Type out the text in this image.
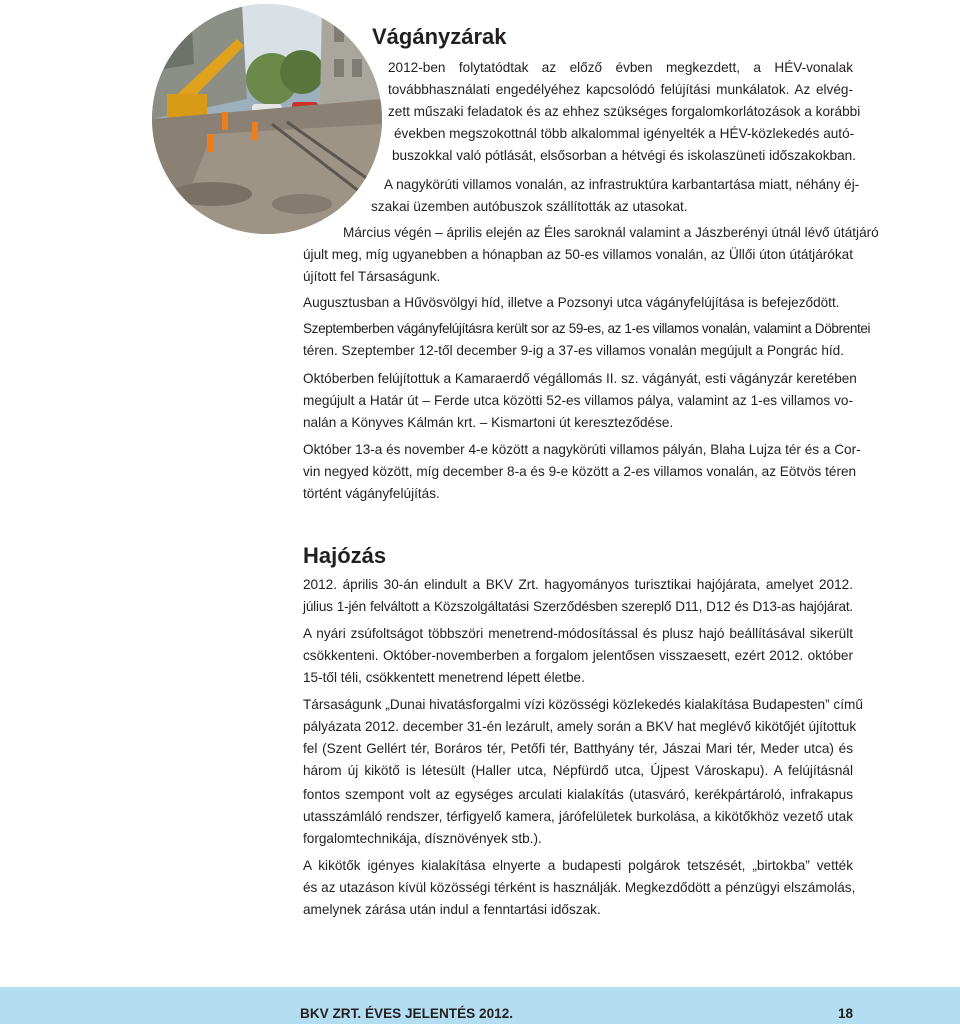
Vágányzárak

2012-ben folytatódtak az előző évben megkezdett, a HÉV-vonalak

továbbhasználati engedélyéhez kapcsolódó felújítási munkálatok. Az elvég-

zett műszaki feladatok és az ehhez szükséges forgalomkorlátozások a korábbi

években megszokottnál több alkalommal igényelték a HÉV-közlekedés autó-

buszokkal való pótlását, elsősorban a hétvégi és iskolaszüneti időszakokban.

A nagykörúti villamos vonalán, az infrastruktúra karbantartása miatt, néhány éj-

szakai üzemben autóbuszok szállították az utasokat.

Március végén – április elején az Éles saroknál valamint a Jászberényi útnál lévő útátjáró

újult meg, míg ugyanebben a hónapban az 50-es villamos vonalán, az Üllői úton útátjárókat

újított fel Társaságunk.

Augusztusban a Hűvösvölgyi híd, illetve a Pozsonyi utca vágányfelújítása is befejeződött.

Szeptemberben vágányfelújításra került sor az 59-es, az 1-es villamos vonalán, valamint a Döbrentei

téren. Szeptember 12-től december 9-ig a 37-es villamos vonalán megújult a Pongrác híd.

Októberben felújítottuk a Kamaraerdő végállomás II. sz. vágányát, esti vágányzár keretében

megújult a Határ út – Ferde utca közötti 52-es villamos pálya, valamint az 1-es villamos vo-

nalán a Könyves Kálmán krt. – Kismartoni út kereszteződése.

Október 13-a és november 4-e között a nagykörúti villamos pályán, Blaha Lujza tér és a Cor-

vin negyed között, míg december 8-a és 9-e között a 2-es villamos vonalán, az Eötvös téren

történt vágányfelújítás.

Hajózás

2012. április 30-án elindult a BKV Zrt. hagyományos turisztikai hajójárata, amelyet 2012.

július 1-jén felváltott a Közszolgáltatási Szerződésben szereplő D11, D12 és D13-as hajójárat.

A nyári zsúfoltságot többszöri menetrend-módosítással és plusz hajó beállításával sikerült

csökkenteni. Október-novemberben a forgalom jelentősen visszaesett, ezért 2012. október

15-től téli, csökkentett menetrend lépett életbe.

Társaságunk „Dunai hivatásforgalmi vízi közösségi közlekedés kialakítása Budapesten” című

pályázata 2012. december 31-én lezárult, amely során a BKV hat meglévő kikötőjét újítottuk

fel (Szent Gellért tér, Boráros tér, Petőfi tér, Batthyány tér, Jászai Mari tér, Meder utca) és

három új kikötő is létesült (Haller utca, Népfürdő utca, Újpest Városkapu). A felújításnál

fontos szempont volt az egységes arculati kialakítás (utasváró, kerékpártároló, infrakapus

utasszámláló rendszer, térfigyelő kamera, járófelületek burkolása, a kikötőkhöz vezető utak

forgalomtechnikája, dísznövények stb.).

A kikötők igényes kialakítása elnyerte a budapesti polgárok tetszését, „birtokba” vették

és az utazáson kívül közösségi térként is használják. Megkezdődött a pénzügyi elszámolás,

amelynek zárása után indul a fenntartási időszak.

BKV ZRT. ÉVES JELENTÉS 2012.	18
